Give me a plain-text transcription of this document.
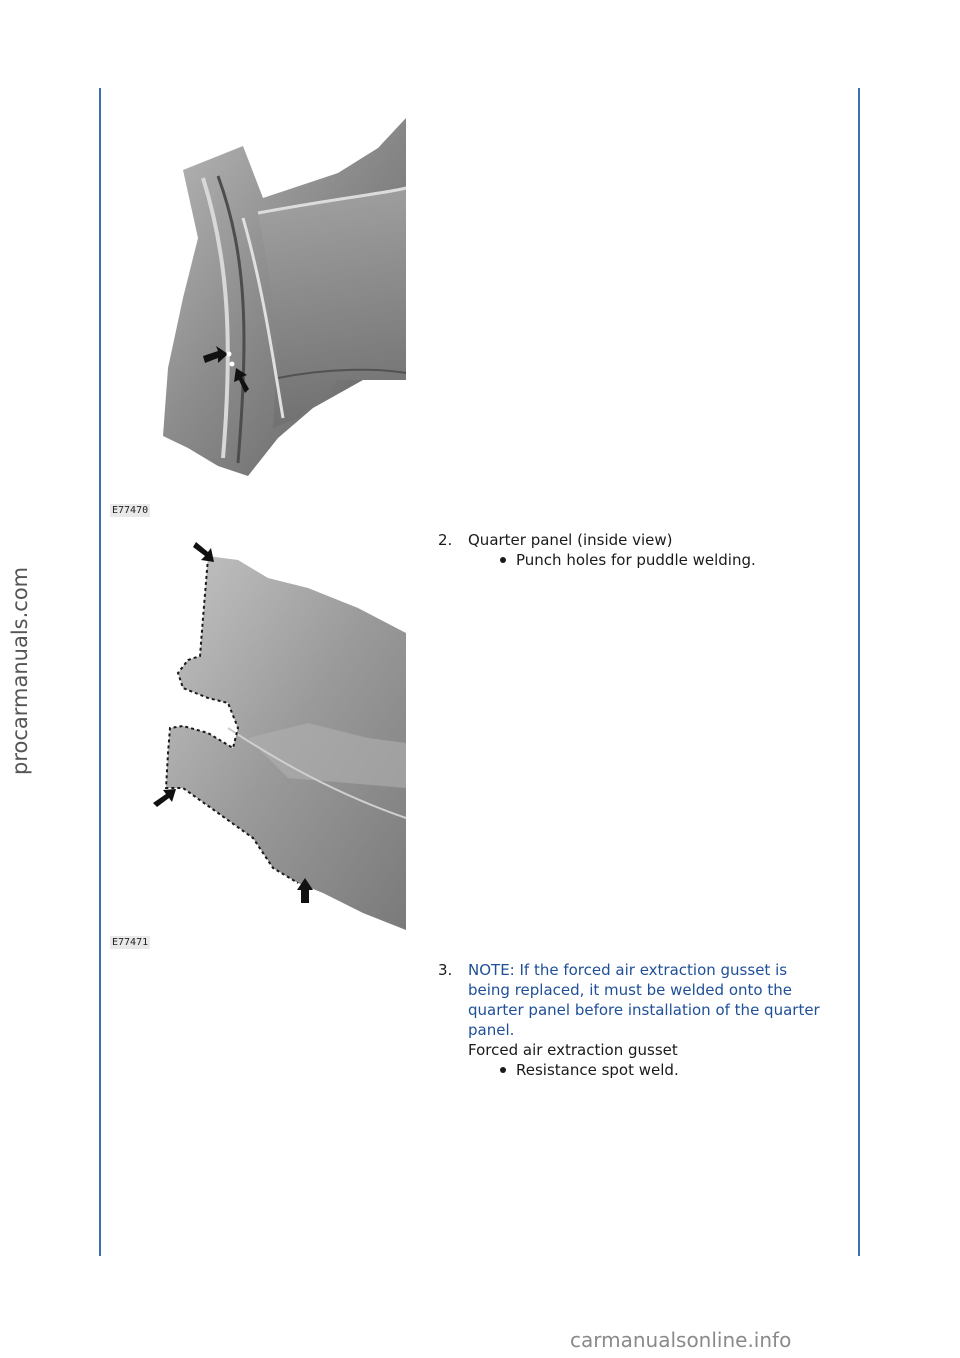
procarmanuals.com
E77470
2. Quarter panel (inside view)
Punch holes for puddle welding.
E77471
3. NOTE: If the forced air extraction gusset is being replaced, it must be welded onto the quarter panel before installation of the quarter panel.
Forced air extraction gusset
Resistance spot weld.
carmanualsonline.info
